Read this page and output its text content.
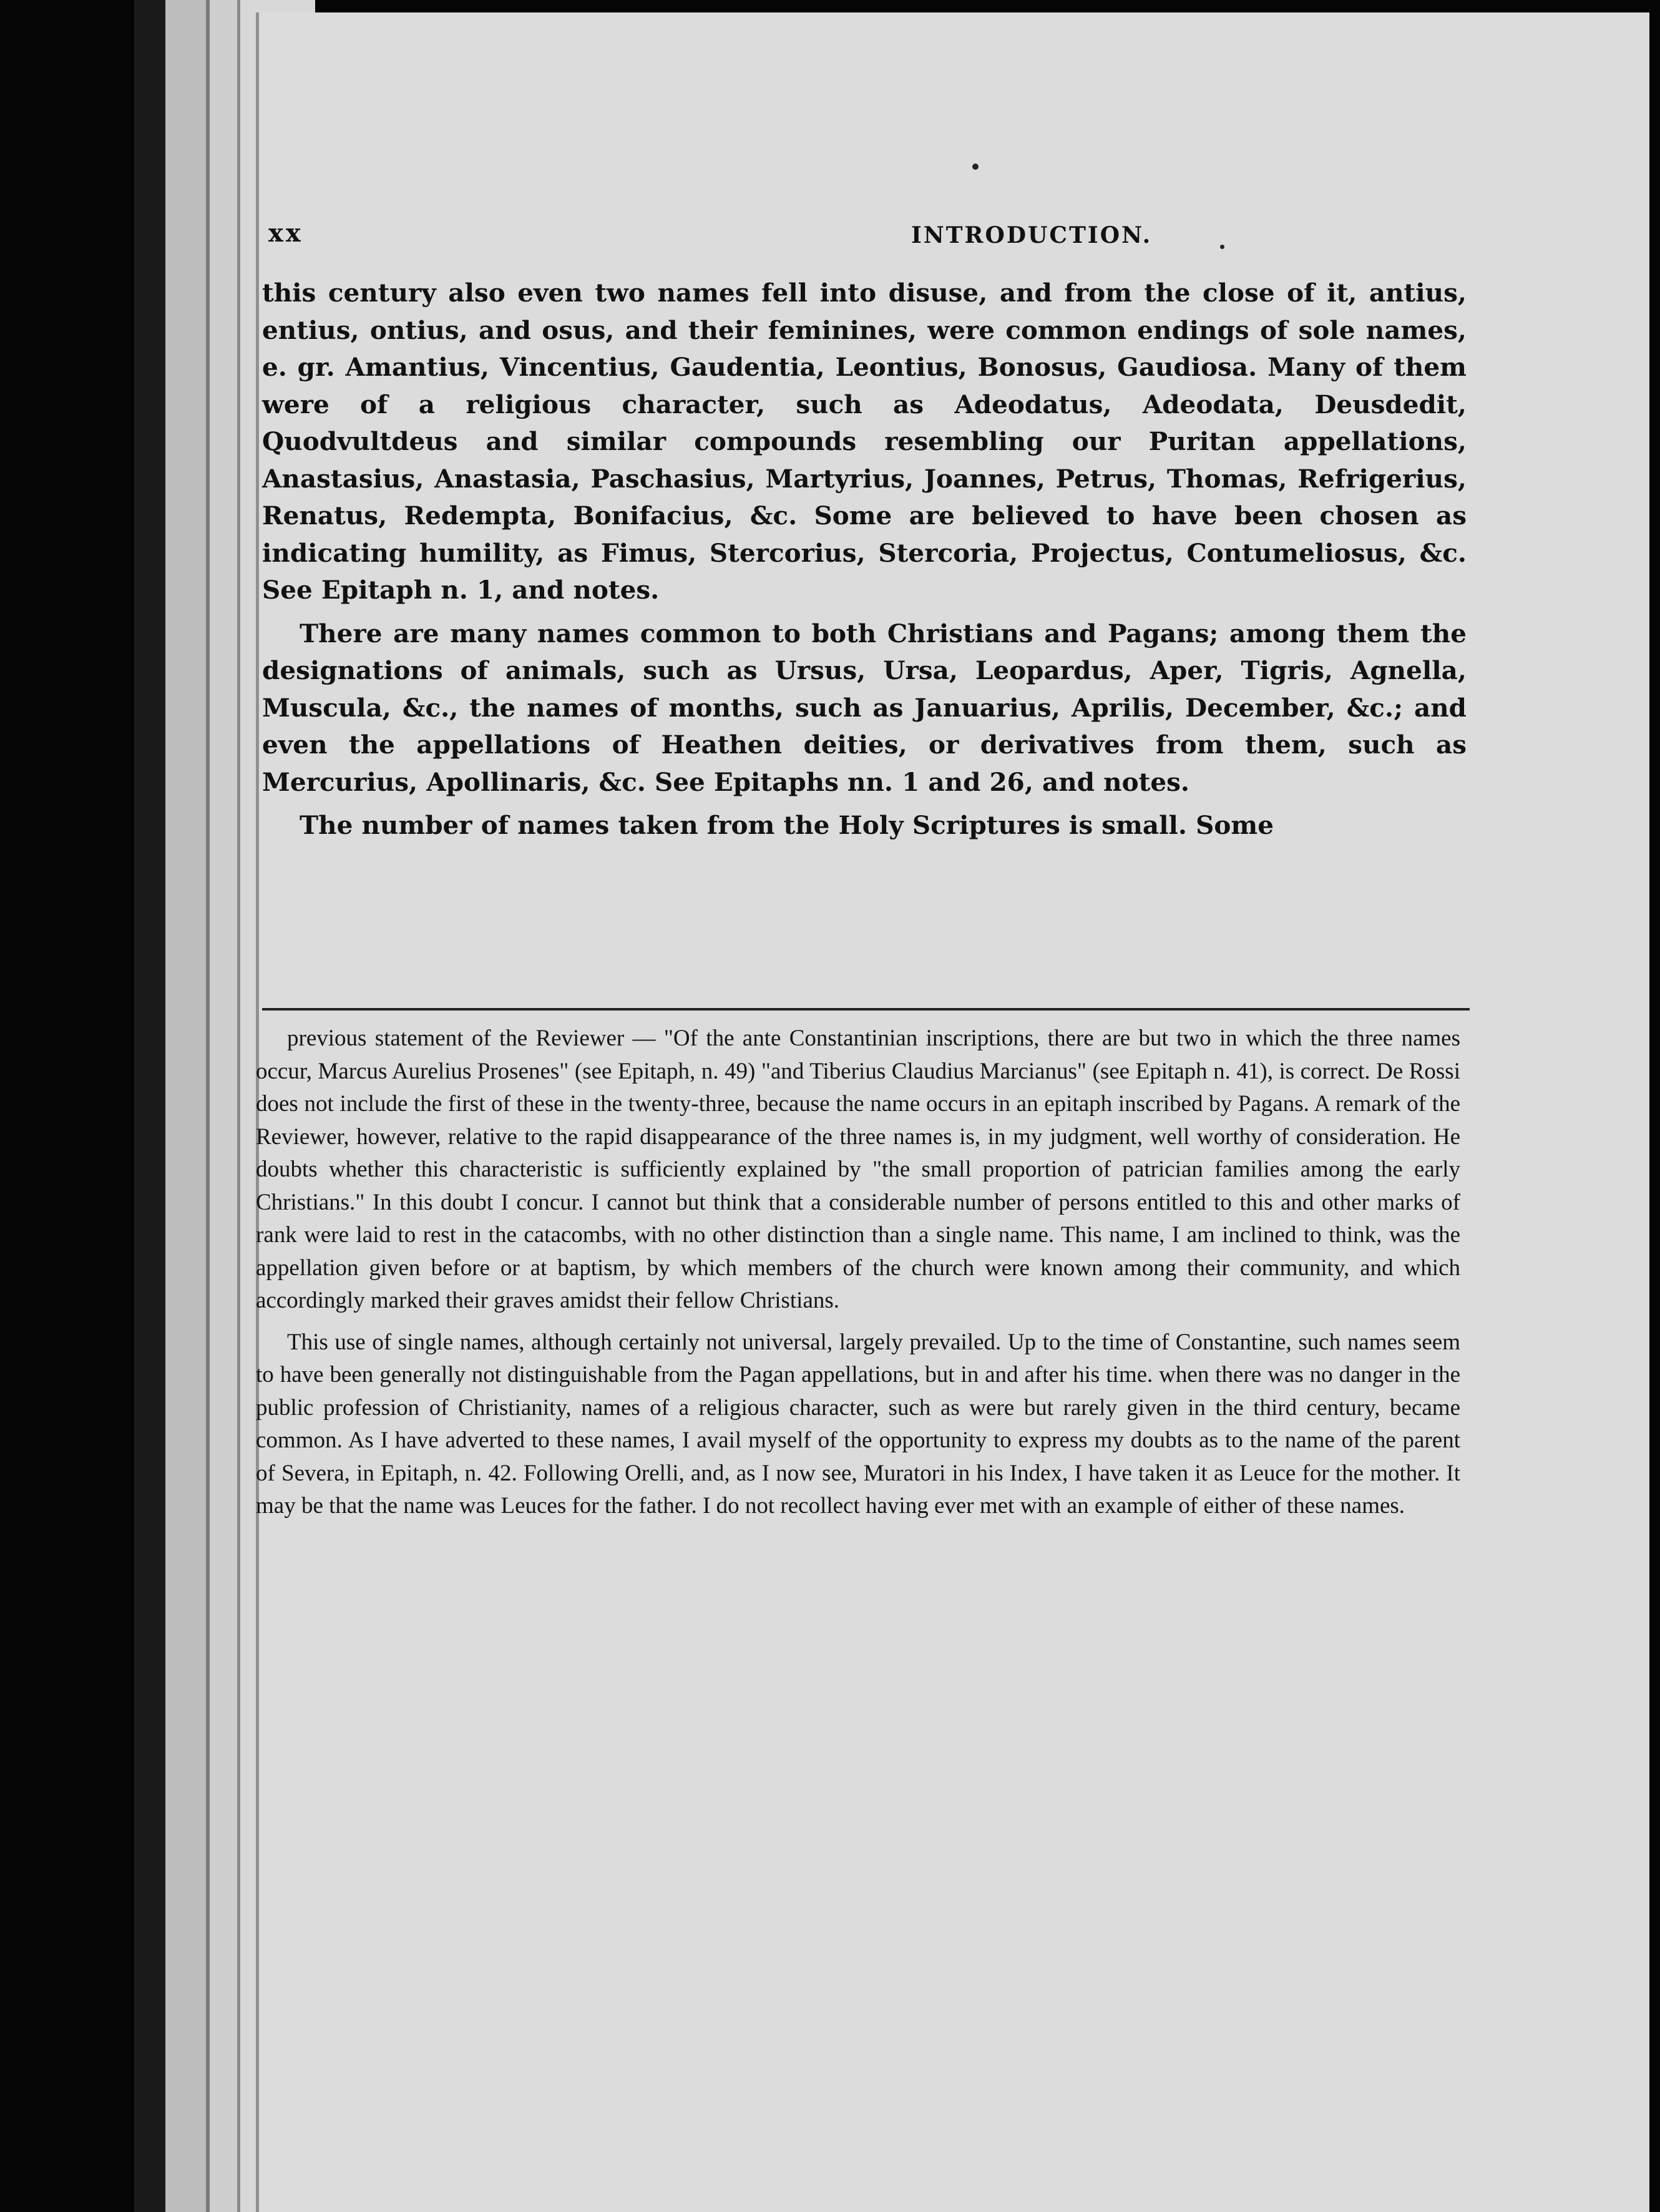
xx	INTRODUCTION.

this century also even two names fell into disuse, and from the close of it, antius, entius, ontius, and osus, and their feminines, were common endings of sole names, e. gr. Amantius, Vincentius, Gaudentia, Leontius, Bonosus, Gaudiosa. Many of them were of a religious character, such as Adeodatus, Adeodata, Deusdedit, Quodvultdeus and similar compounds resembling our Puritan appellations, Anastasius, Anastasia, Paschasius, Martyrius, Joannes, Petrus, Thomas, Refrigerius, Renatus, Redempta, Bonifacius, &c. Some are believed to have been chosen as indicating humility, as Fimus, Stercorius, Stercoria, Projectus, Contumeliosus, &c. See Epitaph n. 1, and notes.

There are many names common to both Christians and Pagans; among them the designations of animals, such as Ursus, Ursa, Leopardus, Aper, Tigris, Agnella, Muscula, &c., the names of months, such as Januarius, Aprilis, December, &c.; and even the appellations of Heathen deities, or derivatives from them, such as Mercurius, Apollinaris, &c. See Epitaphs nn. 1 and 26, and notes.

The number of names taken from the Holy Scriptures is small. Some

previous statement of the Reviewer — "Of the ante Constantinian inscriptions, there are but two in which the three names occur, Marcus Aurelius Prosenes" (see Epitaph, n. 49) "and Tiberius Claudius Marcianus" (see Epitaph n. 41), is correct. De Rossi does not include the first of these in the twenty-three, because the name occurs in an epitaph inscribed by Pagans. A remark of the Reviewer, however, relative to the rapid disappearance of the three names is, in my judgment, well worthy of consideration. He doubts whether this characteristic is sufficiently explained by "the small proportion of patrician families among the early Christians." In this doubt I concur. I cannot but think that a considerable number of persons entitled to this and other marks of rank were laid to rest in the catacombs, with no other distinction than a single name. This name, I am inclined to think, was the appellation given before or at baptism, by which members of the church were known among their community, and which accordingly marked their graves amidst their fellow Christians.

This use of single names, although certainly not universal, largely prevailed. Up to the time of Constantine, such names seem to have been generally not distinguishable from the Pagan appellations, but in and after his time. when there was no danger in the public profession of Christianity, names of a religious character, such as were but rarely given in the third century, became common. As I have adverted to these names, I avail myself of the opportunity to express my doubts as to the name of the parent of Severa, in Epitaph, n. 42. Following Orelli, and, as I now see, Muratori in his Index, I have taken it as Leuce for the mother. It may be that the name was Leuces for the father. I do not recollect having ever met with an example of either of these names.
